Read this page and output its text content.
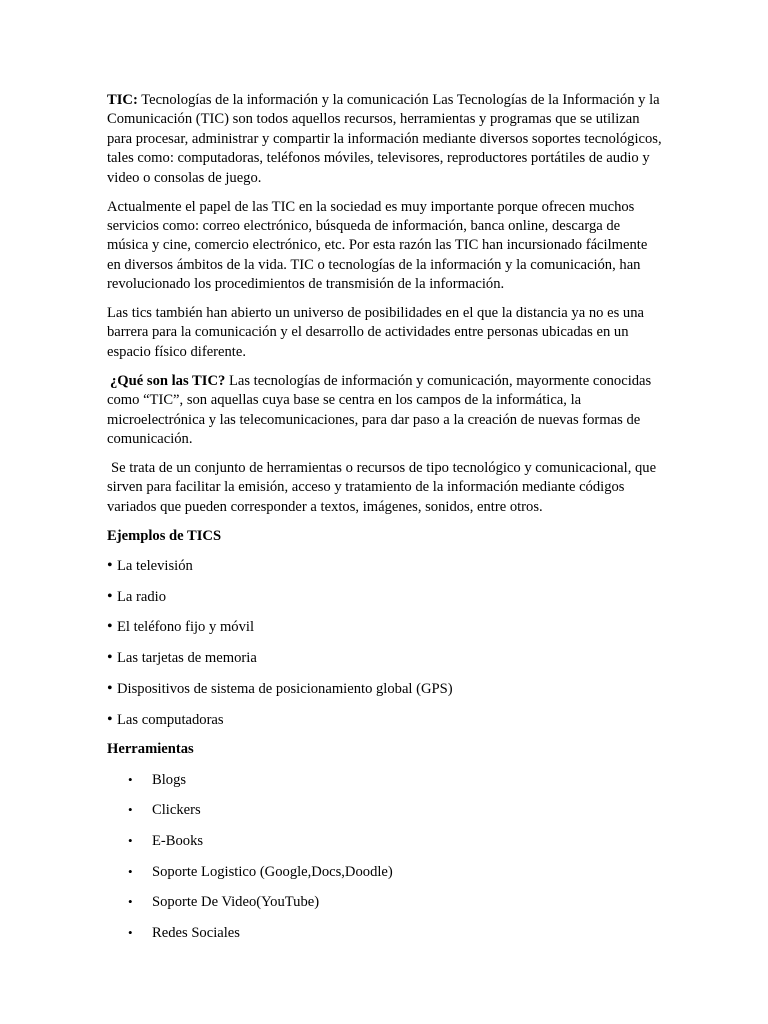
TIC: Tecnologías de la información y la comunicación Las Tecnologías de la Información y la Comunicación (TIC) son todos aquellos recursos, herramientas y programas que se utilizan para procesar, administrar y compartir la información mediante diversos soportes tecnológicos, tales como: computadoras, teléfonos móviles, televisores, reproductores portátiles de audio y video o consolas de juego.

Actualmente el papel de las TIC en la sociedad es muy importante porque ofrecen muchos servicios como: correo electrónico, búsqueda de información, banca online, descarga de música y cine, comercio electrónico, etc. Por esta razón las TIC han incursionado fácilmente en diversos ámbitos de la vida. TIC o tecnologías de la información y la comunicación, han revolucionado los procedimientos de transmisión de la información.

Las tics también han abierto un universo de posibilidades en el que la distancia ya no es una barrera para la comunicación y el desarrollo de actividades entre personas ubicadas en un espacio físico diferente.

¿Qué son las TIC? Las tecnologías de información y comunicación, mayormente conocidas como “TIC”, son aquellas cuya base se centra en los campos de la informática, la microelectrónica y las telecomunicaciones, para dar paso a la creación de nuevas formas de comunicación.

Se trata de un conjunto de herramientas o recursos de tipo tecnológico y comunicacional, que sirven para facilitar la emisión, acceso y tratamiento de la información mediante códigos variados que pueden corresponder a textos, imágenes, sonidos, entre otros.

Ejemplos de TICS
• La televisión
• La radio
• El teléfono fijo y móvil
• Las tarjetas de memoria
• Dispositivos de sistema de posicionamiento global (GPS)
• Las computadoras
Herramientas
•	Blogs
•	Clickers
•	E-Books
•	Soporte Logistico (Google,Docs,Doodle)
•	Soporte De Video(YouTube)
•	Redes Sociales
